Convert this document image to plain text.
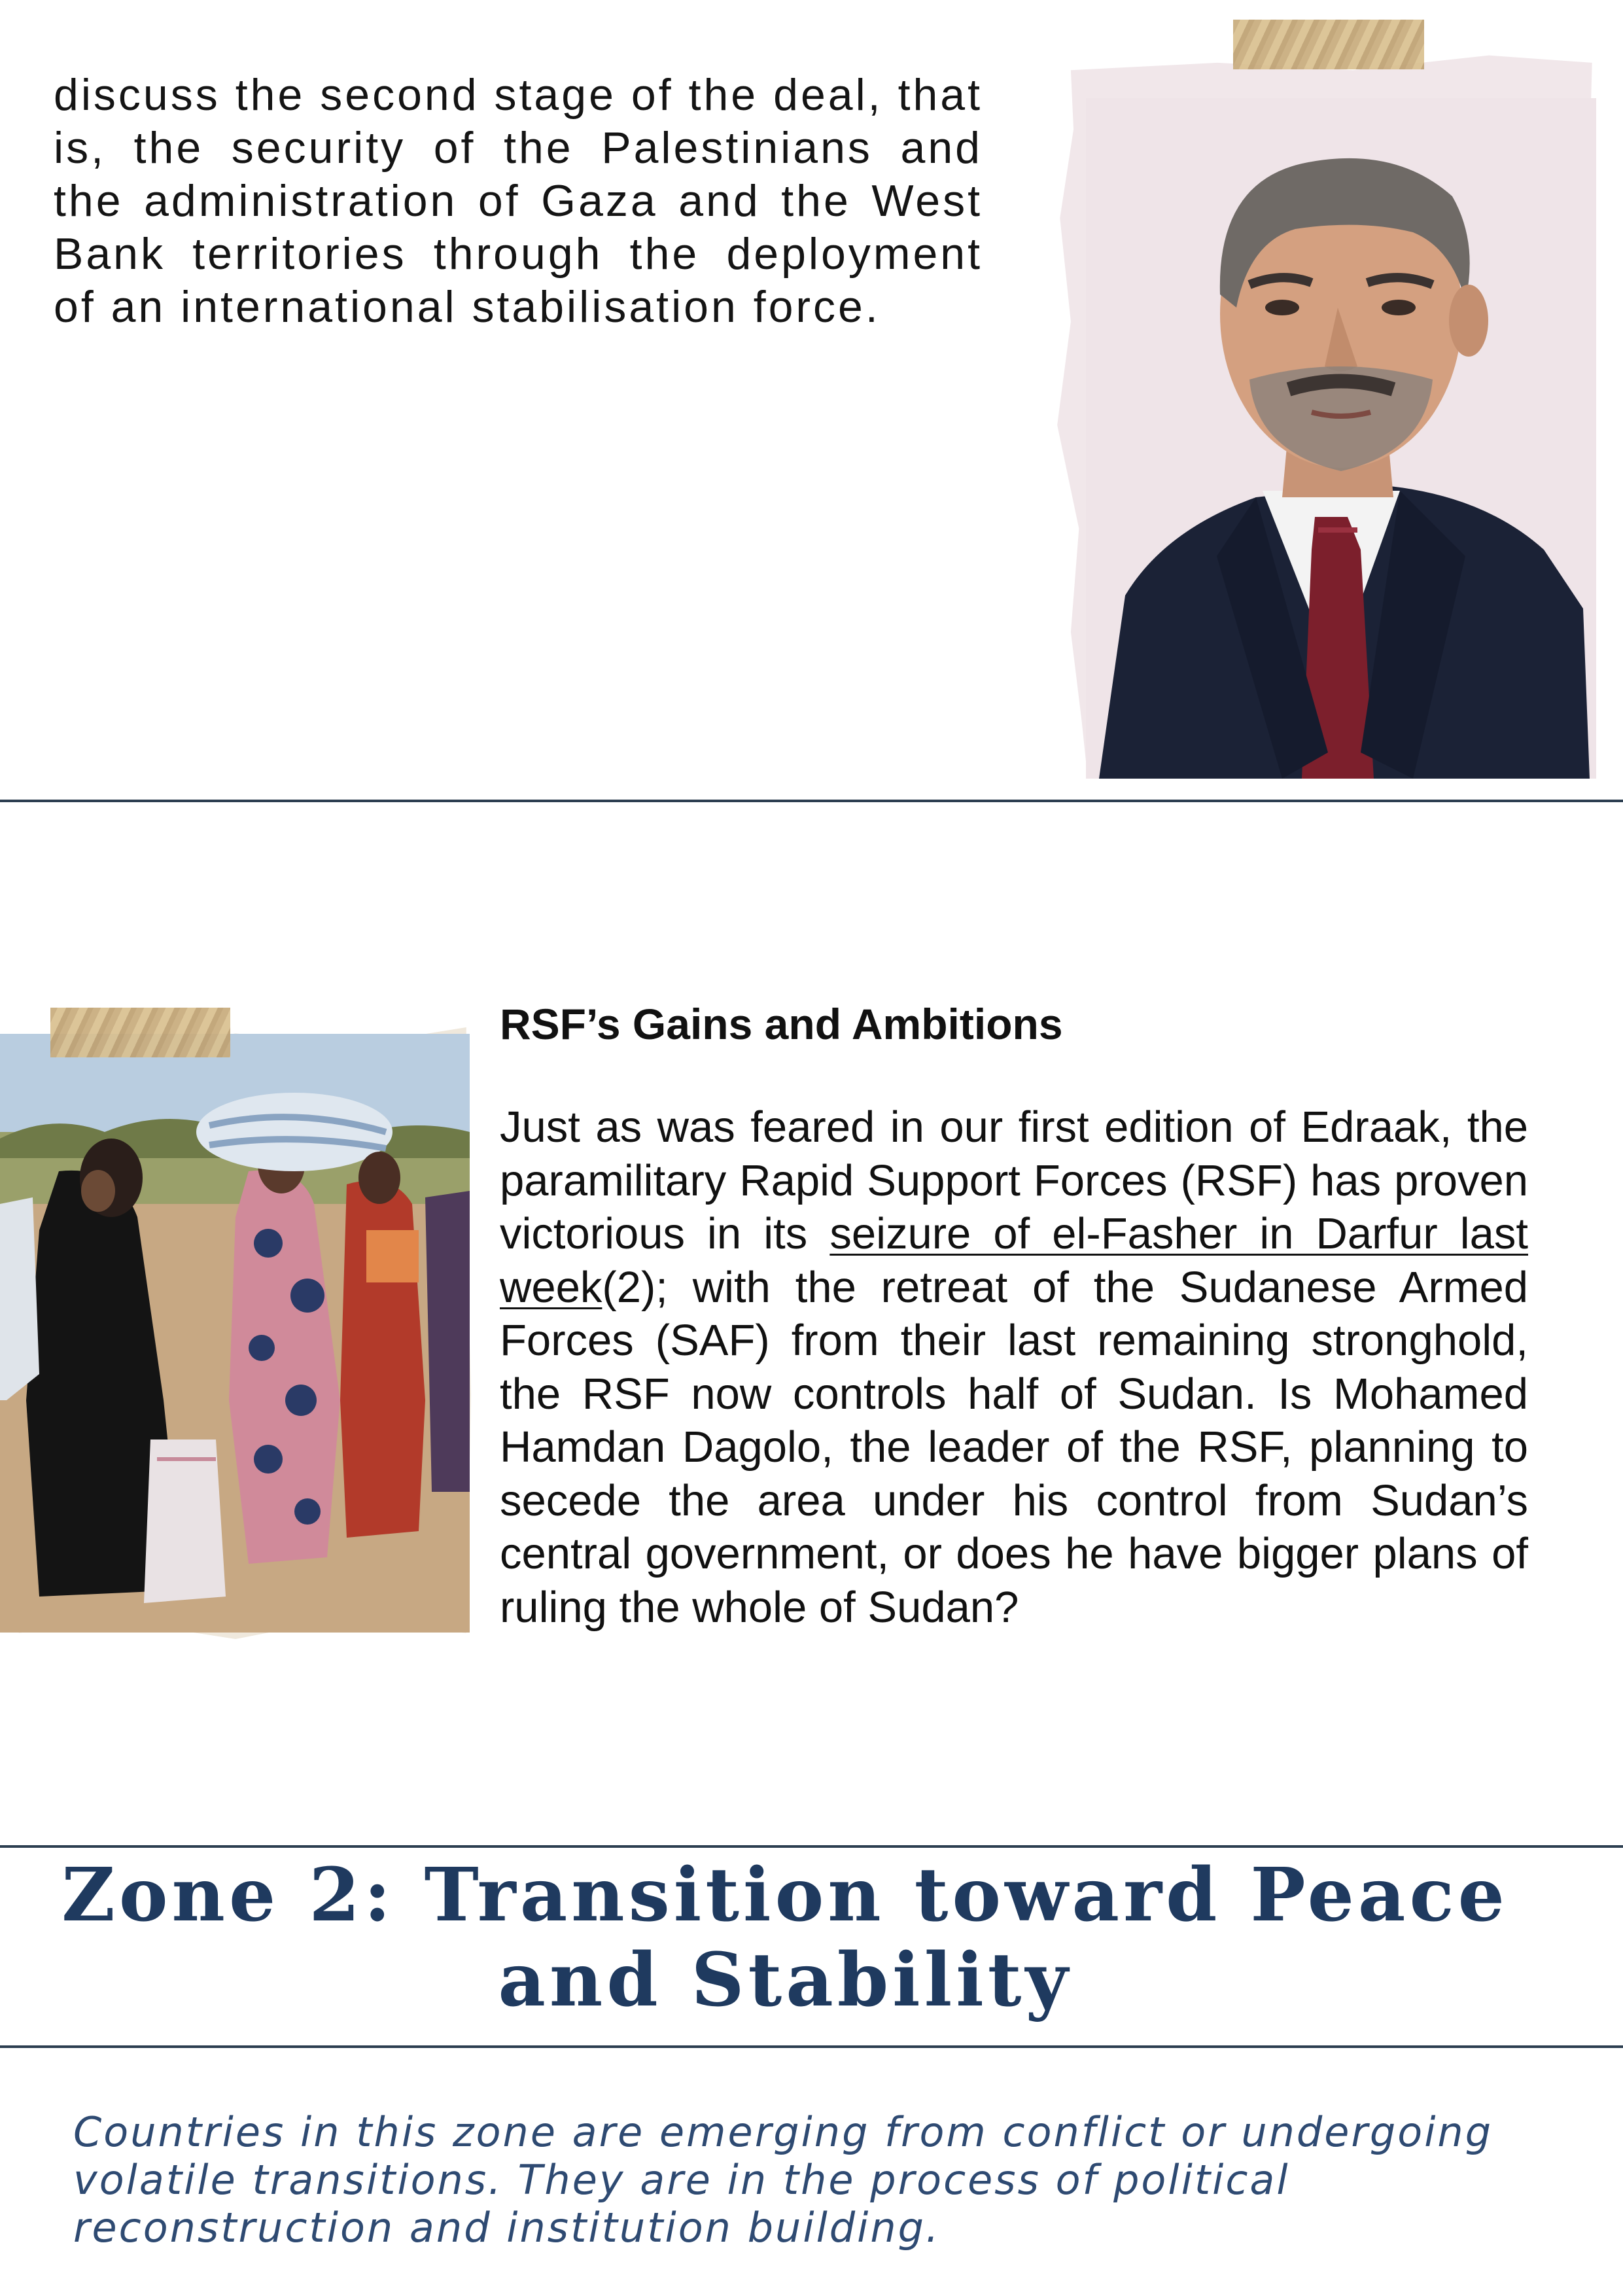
discuss the second stage of the deal, that is, the security of the Palestinians and the administration of Gaza and the West Bank territories through the deployment of an international stabilisation force.
RSF’s Gains and Ambitions
Just as was feared in our first edition of Edraak, the paramilitary Rapid Support Forces (RSF) has proven victorious in its seizure of el-Fasher in Darfur last week(2); with the retreat of the Sudanese Armed Forces (SAF) from their last remaining stronghold, the RSF now controls half of Sudan. Is Mohamed Hamdan Dagolo, the leader of the RSF, planning to secede the area under his control from Sudan’s central government, or does he have bigger plans of ruling the whole of Sudan?
Zone 2: Transition toward Peace and Stability
Countries in this zone are emerging from conflict or undergoing volatile transitions. They are in the process of political reconstruction and institution building.
